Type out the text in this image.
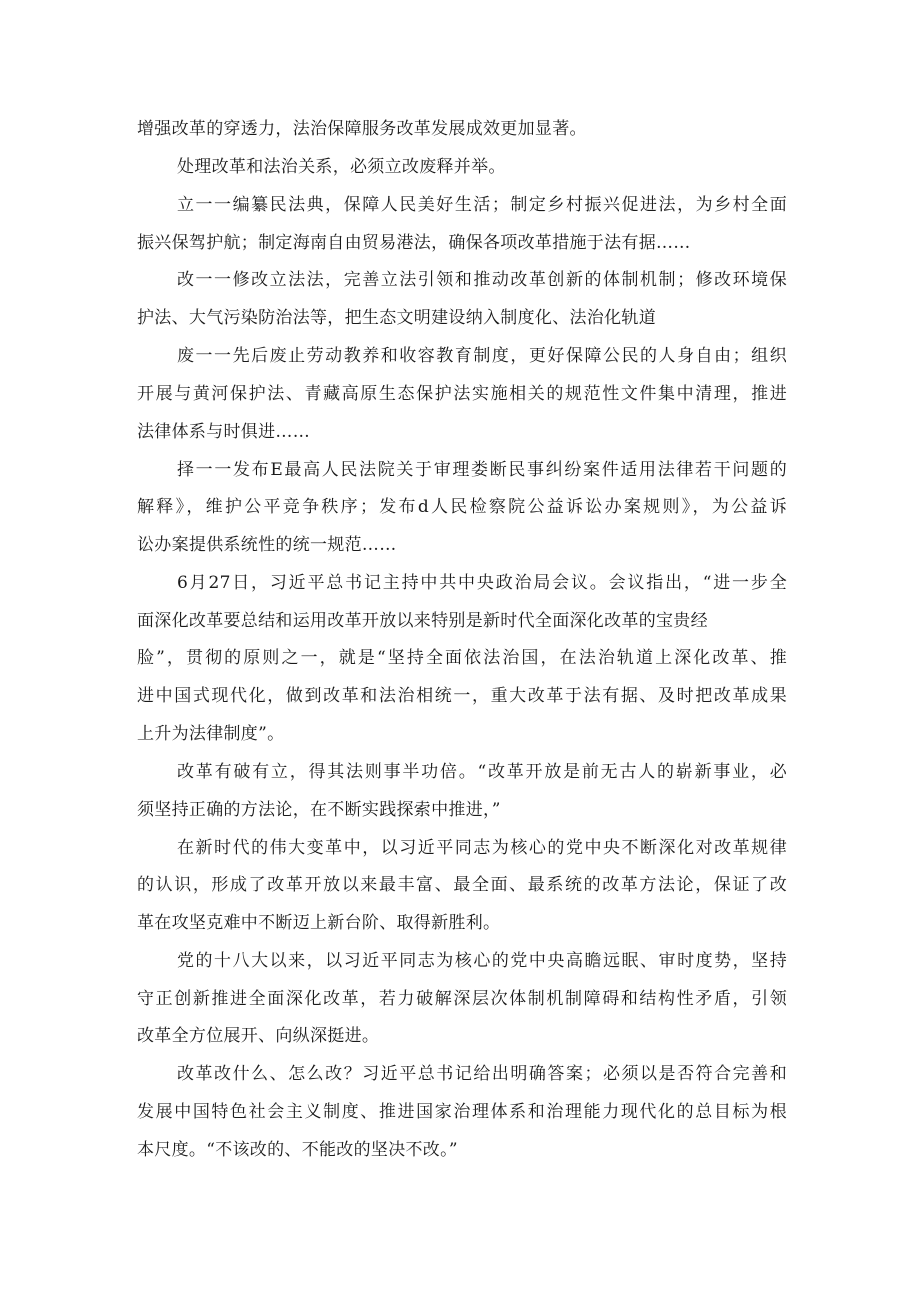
增强改革的穿透力，法治保障服务改革发展成效更加显著。

处理改革和法治关系，必须立改废释并举。

立一一编纂民法典，保障人民美好生活；制定乡村振兴促进法，为乡村全面

振兴保驾护航；制定海南自由贸易港法，确保各项改革措施于法有据……

改一一修改立法法，完善立法引领和推动改革创新的体制机制；修改环境保

护法、大气污染防治法等，把生态文明建设纳入制度化、法治化轨道

废一一先后废止劳动教养和收容教育制度，更好保障公民的人身自由；组织

开展与黄河保护法、青藏高原生态保护法实施相关的规范性文件集中清理，推进

法律体系与时俱进……

择一一发布E最高人民法院关于审理娄断民事纠纷案件适用法律若干问题的

解释》，维护公平竞争秩序；发布d人民检察院公益诉讼办案规则》，为公益诉

讼办案提供系统性的统一规范……

6月27日，习近平总书记主持中共中央政治局会议。会议指出，“进一步全

面深化改革要总结和运用改革开放以来特别是新时代全面深化改革的宝贵经

脸”，贯彻的原则之一，就是“坚持全面依法治国，在法治轨道上深化改革、推

进中国式现代化，做到改革和法治相统一，重大改革于法有据、及时把改革成果

上升为法律制度”。

改革有破有立，得其法则事半功倍。“改革开放是前无古人的崭新事业，必

须坚持正确的方法论，在不断实践探索中推进，”

在新时代的伟大变革中，以习近平同志为核心的党中央不断深化对改革规律

的认识，形成了改革开放以来最丰富、最全面、最系统的改革方法论，保证了改

革在攻坚克难中不断迈上新台阶、取得新胜利。

党的十八大以来，以习近平同志为核心的党中央高瞻远眠、审时度势，坚持

守正创新推进全面深化改革，若力破解深层次体制机制障碍和结构性矛盾，引领

改革全方位展开、向纵深挺进。

改革改什么、怎么改？习近平总书记给出明确答案；必须以是否符合完善和

发展中国特色社会主义制度、推进国家治理体系和治理能力现代化的总目标为根

本尺度。“不该改的、不能改的坚决不改。”
